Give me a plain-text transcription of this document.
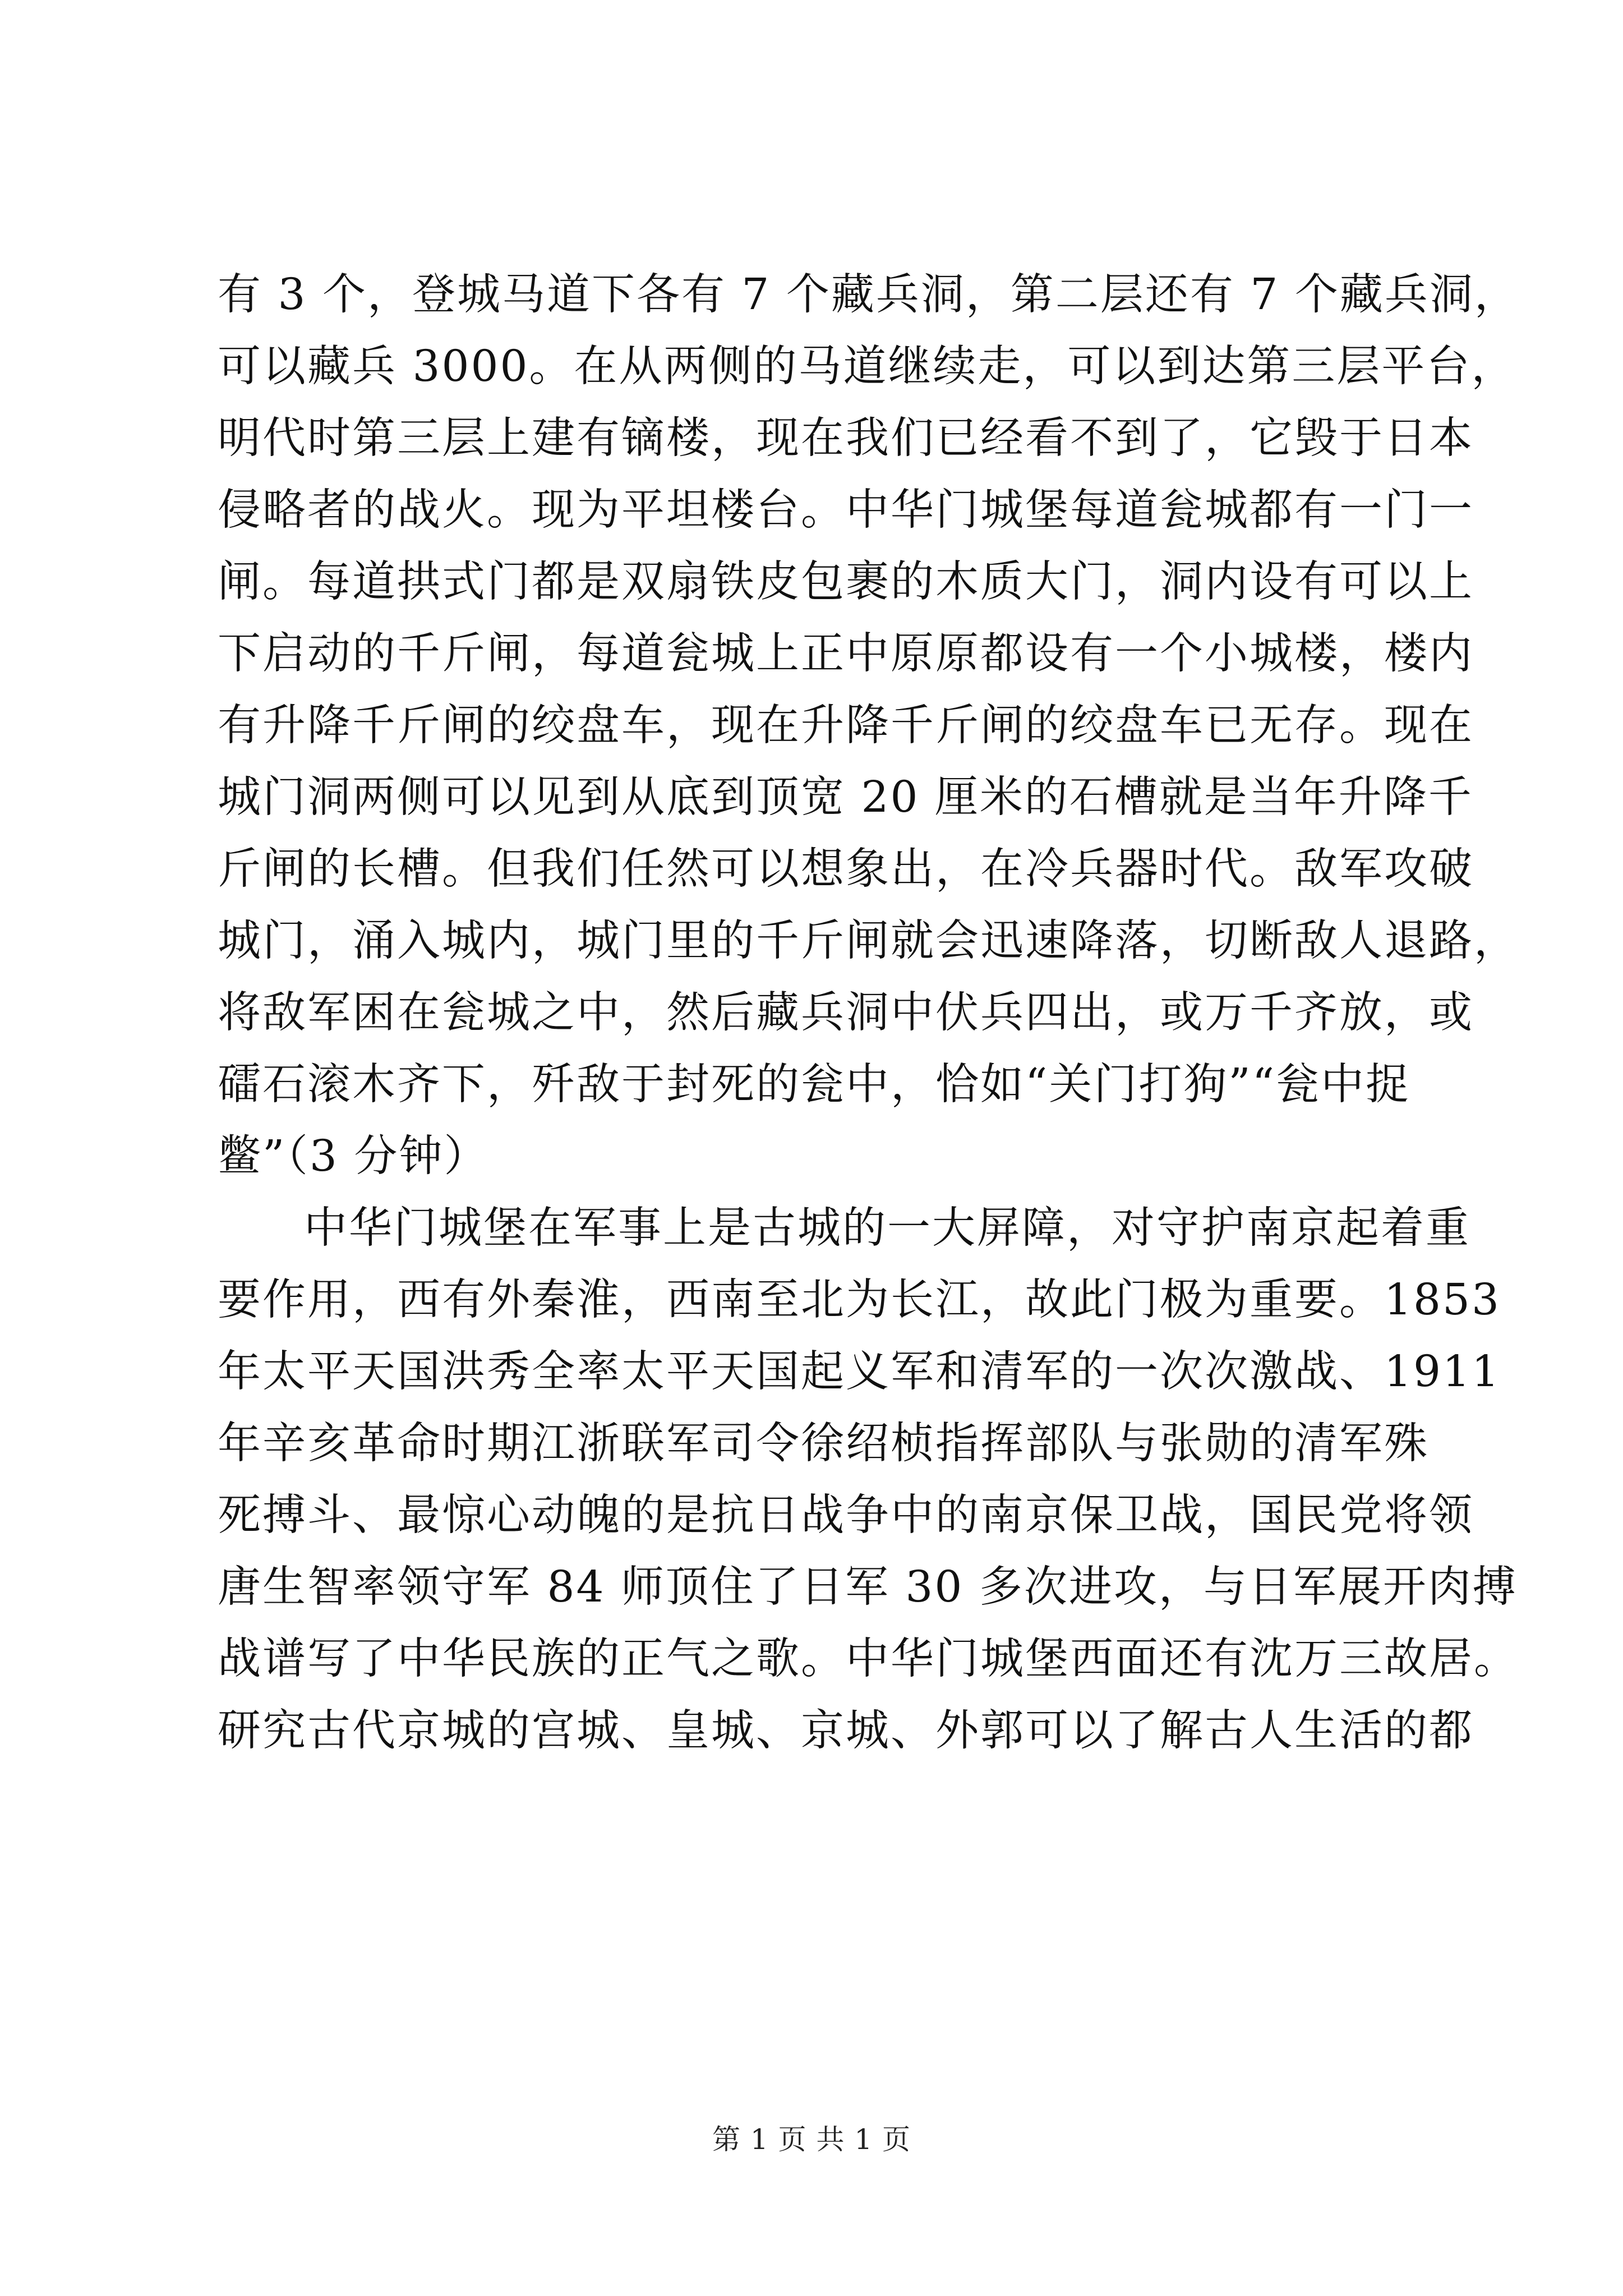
有 3 个，登城马道下各有 7 个藏兵洞，第二层还有 7 个藏兵洞，
可以藏兵 3000。在从两侧的马道继续走，可以到达第三层平台，
明代时第三层上建有镝楼，现在我们已经看不到了，它毁于日本
侵略者的战火。现为平坦楼台。中华门城堡每道瓮城都有一门一
闸。每道拱式门都是双扇铁皮包裹的木质大门，洞内设有可以上
下启动的千斤闸，每道瓮城上正中原原都设有一个小城楼，楼内
有升降千斤闸的绞盘车，现在升降千斤闸的绞盘车已无存。现在
城门洞两侧可以见到从底到顶宽 20 厘米的石槽就是当年升降千
斤闸的长槽。但我们任然可以想象出，在冷兵器时代。敌军攻破
城门，涌入城内，城门里的千斤闸就会迅速降落，切断敌人退路，
将敌军困在瓮城之中，然后藏兵洞中伏兵四出，或万千齐放，或
礌石滚木齐下，歼敌于封死的瓮中，恰如“关门打狗”“瓮中捉
鳖”（3 分钟）

中华门城堡在军事上是古城的一大屏障，对守护南京起着重
要作用，西有外秦淮，西南至北为长江，故此门极为重要。1853
年太平天国洪秀全率太平天国起义军和清军的一次次激战、1911
年辛亥革命时期江浙联军司令徐绍桢指挥部队与张勋的清军殊
死搏斗、最惊心动魄的是抗日战争中的南京保卫战，国民党将领
唐生智率领守军 84 师顶住了日军 30 多次进攻，与日军展开肉搏
战谱写了中华民族的正气之歌。中华门城堡西面还有沈万三故居。
研究古代京城的宫城、皇城、京城、外郭可以了解古人生活的都

第 1 页 共 1 页
